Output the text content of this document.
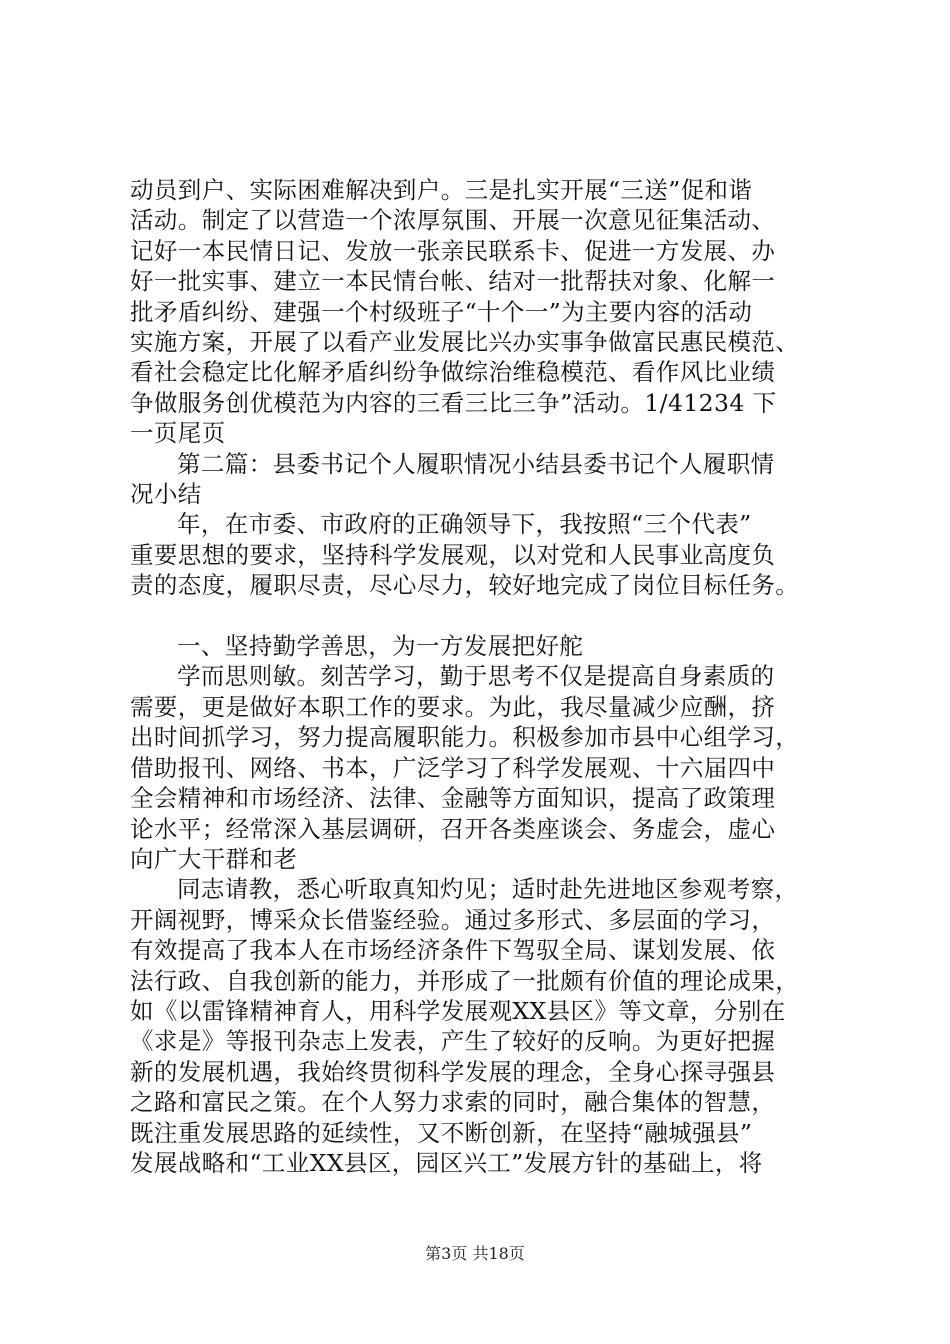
动员到户、实际困难解决到户。三是扎实开展“三送”促和谐
活动。制定了以营造一个浓厚氛围、开展一次意见征集活动、
记好一本民情日记、发放一张亲民联系卡、促进一方发展、办
好一批实事、建立一本民情台帐、结对一批帮扶对象、化解一
批矛盾纠纷、建强一个村级班子“十个一”为主要内容的活动
实施方案，开展了以看产业发展比兴办实事争做富民惠民模范、
看社会稳定比化解矛盾纠纷争做综治维稳模范、看作风比业绩
争做服务创优模范为内容的三看三比三争”活动。1/41234 下
一页尾页
第二篇：县委书记个人履职情况小结县委书记个人履职情
况小结
年，在市委、市政府的正确领导下，我按照“三个代表”
重要思想的要求，坚持科学发展观，以对党和人民事业高度负
责的态度，履职尽责，尽心尽力，较好地完成了岗位目标任务。
一、坚持勤学善思，为一方发展把好舵
学而思则敏。刻苦学习，勤于思考不仅是提高自身素质的
需要，更是做好本职工作的要求。为此，我尽量减少应酬，挤
出时间抓学习，努力提高履职能力。积极参加市县中心组学习，
借助报刊、网络、书本，广泛学习了科学发展观、十六届四中
全会精神和市场经济、法律、金融等方面知识，提高了政策理
论水平；经常深入基层调研，召开各类座谈会、务虚会，虚心
向广大干群和老
同志请教，悉心听取真知灼见；适时赴先进地区参观考察，
开阔视野，博采众长借鉴经验。通过多形式、多层面的学习，
有效提高了我本人在市场经济条件下驾驭全局、谋划发展、依
法行政、自我创新的能力，并形成了一批颇有价值的理论成果，
如《以雷锋精神育人，用科学发展观XX县区》等文章，分别在
《求是》等报刊杂志上发表，产生了较好的反响。为更好把握
新的发展机遇，我始终贯彻科学发展的理念，全身心探寻强县
之路和富民之策。在个人努力求索的同时，融合集体的智慧，
既注重发展思路的延续性，又不断创新，在坚持“融城强县”
发展战略和“工业XX县区，园区兴工”发展方针的基础上，将
第3页 共18页
